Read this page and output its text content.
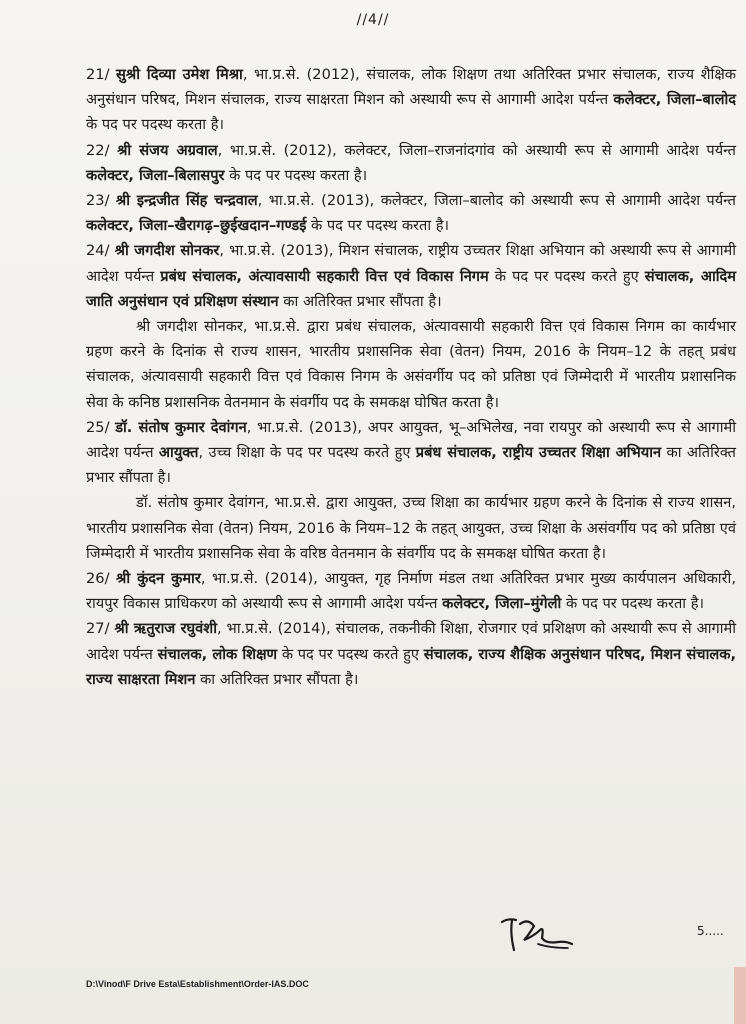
//4//

21/ सुश्री दिव्या उमेश मिश्रा, भा.प्र.से. (2012), संचालक, लोक शिक्षण तथा अतिरिक्त प्रभार संचालक, राज्य शैक्षिक अनुसंधान परिषद, मिशन संचालक, राज्य साक्षरता मिशन को अस्थायी रूप से आगामी आदेश पर्यन्त कलेक्टर, जिला–बालोद के पद पर पदस्थ करता है।

22/ श्री संजय अग्रवाल, भा.प्र.से. (2012), कलेक्टर, जिला–राजनांदगांव को अस्थायी रूप से आगामी आदेश पर्यन्त कलेक्टर, जिला–बिलासपुर के पद पर पदस्थ करता है।

23/ श्री इन्द्रजीत सिंह चन्द्रवाल, भा.प्र.से. (2013), कलेक्टर, जिला–बालोद को अस्थायी रूप से आगामी आदेश पर्यन्त कलेक्टर, जिला–खैरागढ़–छुईखदान–गण्डई के पद पर पदस्थ करता है।

24/ श्री जगदीश सोनकर, भा.प्र.से. (2013), मिशन संचालक, राष्ट्रीय उच्चतर शिक्षा अभियान को अस्थायी रूप से आगामी आदेश पर्यन्त प्रबंध संचालक, अंत्यावसायी सहकारी वित्त एवं विकास निगम के पद पर पदस्थ करते हुए संचालक, आदिम जाति अनुसंधान एवं प्रशिक्षण संस्थान का अतिरिक्त प्रभार सौंपता है।

श्री जगदीश सोनकर, भा.प्र.से. द्वारा प्रबंध संचालक, अंत्यावसायी सहकारी वित्त एवं विकास निगम का कार्यभार ग्रहण करने के दिनांक से राज्य शासन, भारतीय प्रशासनिक सेवा (वेतन) नियम, 2016 के नियम–12 के तहत् प्रबंध संचालक, अंत्यावसायी सहकारी वित्त एवं विकास निगम के असंवर्गीय पद को प्रतिष्ठा एवं जिम्मेदारी में भारतीय प्रशासनिक सेवा के कनिष्ठ प्रशासनिक वेतनमान के संवर्गीय पद के समकक्ष घोषित करता है।

25/ डॉ. संतोष कुमार देवांगन, भा.प्र.से. (2013), अपर आयुक्त, भू–अभिलेख, नवा रायपुर को अस्थायी रूप से आगामी आदेश पर्यन्त आयुक्त, उच्च शिक्षा के पद पर पदस्थ करते हुए प्रबंध संचालक, राष्ट्रीय उच्चतर शिक्षा अभियान का अतिरिक्त प्रभार सौंपता है।

डॉ. संतोष कुमार देवांगन, भा.प्र.से. द्वारा आयुक्त, उच्च शिक्षा का कार्यभार ग्रहण करने के दिनांक से राज्य शासन, भारतीय प्रशासनिक सेवा (वेतन) नियम, 2016 के नियम–12 के तहत् आयुक्त, उच्च शिक्षा के असंवर्गीय पद को प्रतिष्ठा एवं जिम्मेदारी में भारतीय प्रशासनिक सेवा के वरिष्ठ वेतनमान के संवर्गीय पद के समकक्ष घोषित करता है।

26/ श्री कुंदन कुमार, भा.प्र.से. (2014), आयुक्त, गृह निर्माण मंडल तथा अतिरिक्त प्रभार मुख्य कार्यपालन अधिकारी, रायपुर विकास प्राधिकरण को अस्थायी रूप से आगामी आदेश पर्यन्त कलेक्टर, जिला–मुंगेली के पद पर पदस्थ करता है।

27/ श्री ऋतुराज रघुवंशी, भा.प्र.से. (2014), संचालक, तकनीकी शिक्षा, रोजगार एवं प्रशिक्षण को अस्थायी रूप से आगामी आदेश पर्यन्त संचालक, लोक शिक्षण के पद पर पदस्थ करते हुए संचालक, राज्य शैक्षिक अनुसंधान परिषद, मिशन संचालक, राज्य साक्षरता मिशन का अतिरिक्त प्रभार सौंपता है।

5.....
D:\Vinod\F Drive Esta\Establishment\Order-IAS.DOC
